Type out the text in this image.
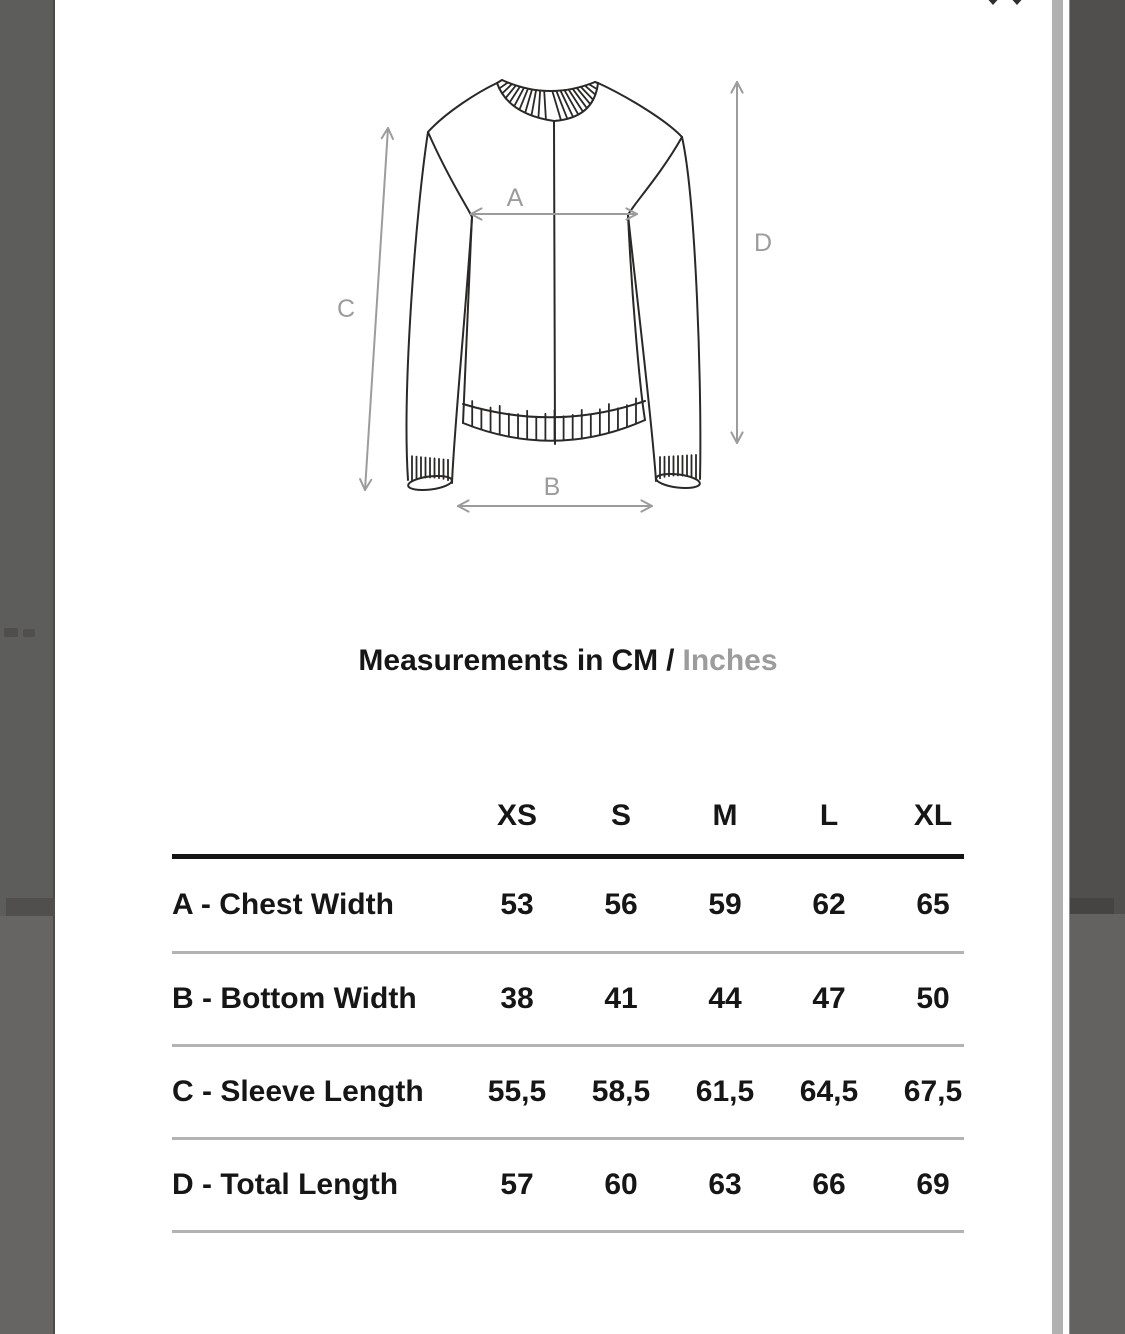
A
B
C
D
Measurements in CM / Inches
XS	S	M	L	XL
A - Chest Width	53	56	59	62	65
B - Bottom Width	38	41	44	47	50
C - Sleeve Length	55,5	58,5	61,5	64,5	67,5
D - Total Length	57	60	63	66	69
